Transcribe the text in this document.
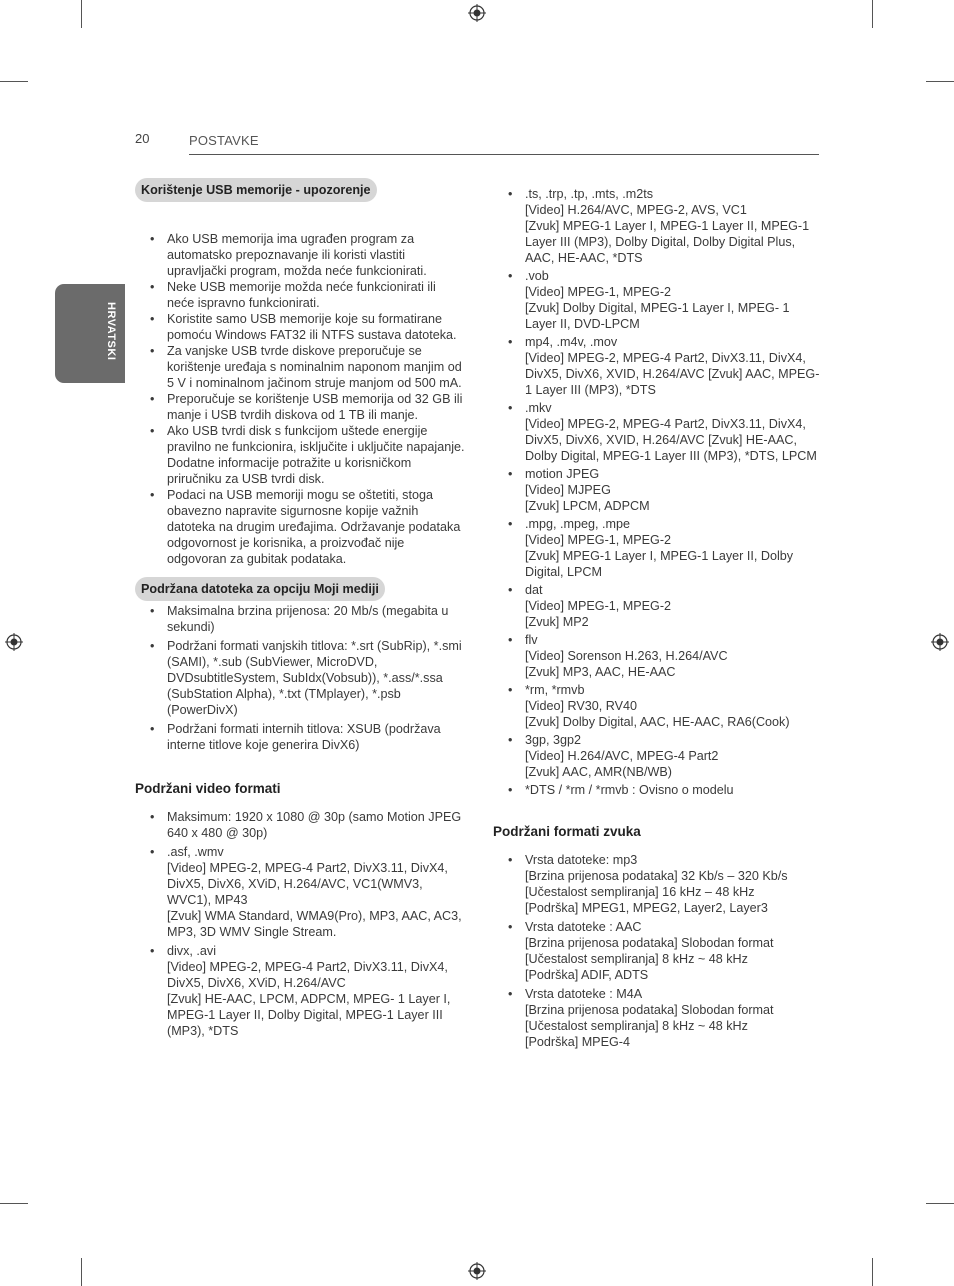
20	POSTAVKE
HRVATSKI
Korištenje USB memorije - upozorenje
• Ako USB memorija ima ugrađen program za automatsko prepoznavanje ili koristi vlastiti upravljački program, možda neće funkcionirati.
• Neke USB memorije možda neće funkcionirati ili neće ispravno funkcionirati.
• Koristite samo USB memorije koje su formatirane pomoću Windows FAT32 ili NTFS sustava datoteka.
• Za vanjske USB tvrde diskove preporučuje se korištenje uređaja s nominalnim naponom manjim od 5 V i nominalnom jačinom struje manjom od 500 mA.
• Preporučuje se korištenje USB memorija od 32 GB ili manje i USB tvrdih diskova od 1 TB ili manje.
• Ako USB tvrdi disk s funkcijom uštede energije pravilno ne funkcionira, isključite i uključite napajanje. Dodatne informacije potražite u korisničkom priručniku za USB tvrdi disk.
• Podaci na USB memoriji mogu se oštetiti, stoga obavezno napravite sigurnosne kopije važnih datoteka na drugim uređajima. Održavanje podataka odgovornost je korisnika, a proizvođač nije odgovoran za gubitak podataka.
Podržana datoteka za opciju Moji mediji
• Maksimalna brzina prijenosa: 20 Mb/s (megabita u sekundi)
• Podržani formati vanjskih titlova: *.srt (SubRip), *.smi (SAMI), *.sub (SubViewer, MicroDVD, DVDsubtitleSystem, SubIdx(Vobsub)), *.ass/*.ssa (SubStation Alpha), *.txt (TMplayer), *.psb (PowerDivX)
• Podržani formati internih titlova: XSUB (podržava interne titlove koje generira DivX6)
Podržani video formati
• Maksimum: 1920 x 1080 @ 30p (samo Motion JPEG 640 x 480 @ 30p)
• .asf, .wmv
[Video] MPEG-2, MPEG-4 Part2, DivX3.11, DivX4, DivX5, DivX6, XViD, H.264/AVC, VC1(WMV3, WVC1), MP43
[Zvuk] WMA Standard, WMA9(Pro), MP3, AAC, AC3, MP3, 3D WMV Single Stream.
• divx, .avi
[Video] MPEG-2, MPEG-4 Part2, DivX3.11, DivX4, DivX5, DivX6, XViD, H.264/AVC
[Zvuk] HE-AAC, LPCM, ADPCM, MPEG- 1 Layer I, MPEG-1 Layer II, Dolby Digital, MPEG-1 Layer III (MP3), *DTS
• .ts, .trp, .tp, .mts, .m2ts
[Video] H.264/AVC, MPEG-2, AVS, VC1
[Zvuk] MPEG-1 Layer I, MPEG-1 Layer II, MPEG-1 Layer III (MP3), Dolby Digital, Dolby Digital Plus, AAC, HE-AAC, *DTS
• .vob
[Video] MPEG-1, MPEG-2
[Zvuk] Dolby Digital, MPEG-1 Layer I, MPEG- 1 Layer II, DVD-LPCM
• mp4, .m4v, .mov
[Video] MPEG-2, MPEG-4 Part2, DivX3.11, DivX4, DivX5, DivX6, XVID, H.264/AVC [Zvuk] AAC, MPEG-1 Layer III (MP3), *DTS
• .mkv
[Video] MPEG-2, MPEG-4 Part2, DivX3.11, DivX4, DivX5, DivX6, XVID, H.264/AVC [Zvuk] HE-AAC, Dolby Digital, MPEG-1 Layer III (MP3), *DTS, LPCM
• motion JPEG
[Video] MJPEG
[Zvuk] LPCM, ADPCM
• .mpg, .mpeg, .mpe
[Video] MPEG-1, MPEG-2
[Zvuk] MPEG-1 Layer I, MPEG-1 Layer II, Dolby Digital, LPCM
• dat
[Video] MPEG-1, MPEG-2
[Zvuk] MP2
• flv
[Video] Sorenson H.263, H.264/AVC
[Zvuk] MP3, AAC, HE-AAC
• *rm, *rmvb
[Video] RV30, RV40
[Zvuk] Dolby Digital, AAC, HE-AAC, RA6(Cook)
• 3gp, 3gp2
[Video] H.264/AVC, MPEG-4 Part2
[Zvuk] AAC, AMR(NB/WB)
• *DTS / *rm / *rmvb : Ovisno o modelu
Podržani formati zvuka
• Vrsta datoteke: mp3
[Brzina prijenosa podataka] 32 Kb/s – 320 Kb/s
[Učestalost sempliranja] 16 kHz – 48 kHz
[Podrška] MPEG1, MPEG2, Layer2, Layer3
• Vrsta datoteke : AAC
[Brzina prijenosa podataka] Slobodan format
[Učestalost sempliranja] 8 kHz ~ 48 kHz
[Podrška] ADIF, ADTS
• Vrsta datoteke : M4A
[Brzina prijenosa podataka] Slobodan format
[Učestalost sempliranja] 8 kHz ~ 48 kHz
[Podrška] MPEG-4
